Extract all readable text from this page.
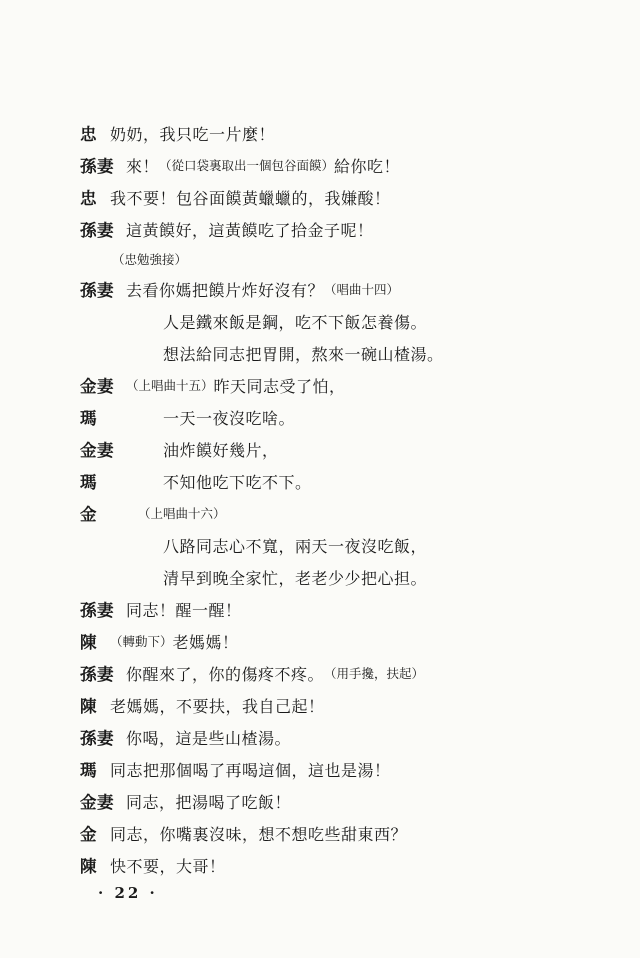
忠 奶奶，我只吃一片麼！
孫妻 來！ （從口袋裏取出一個包谷面饃） 給你吃！
忠 我不要！包谷面饃黃蠟蠟的，我嫌酸！
孫妻 這黃饃好，這黃饃吃了拾金子呢！
（忠勉強接）
孫妻 去看你媽把饃片炸好沒有？ （唱曲十四）
人是鐵來飯是鋼，吃不下飯怎養傷。
想法給同志把胃開，熬來一碗山楂湯。
金妻 （上唱曲十五） 昨天同志受了怕，
瑪	一天一夜沒吃啥。
金妻	油炸饃好幾片，
瑪	不知他吃下吃不下。
金	（上唱曲十六）
八路同志心不寬，兩天一夜沒吃飯，
清早到晚全家忙，老老少少把心担。
孫妻 同志！醒一醒！
陳	（轉動下） 老媽媽！
孫妻 你醒來了，你的傷疼不疼。 （用手攙，扶起）
陳 老媽媽，不要扶，我自己起！
孫妻 你喝，這是些山楂湯。
瑪 同志把那個喝了再喝這個，這也是湯！
金妻 同志，把湯喝了吃飯！
金 同志，你嘴裏沒味，想不想吃些甜東西？
陳 快不要，大哥！
· 22 ·
